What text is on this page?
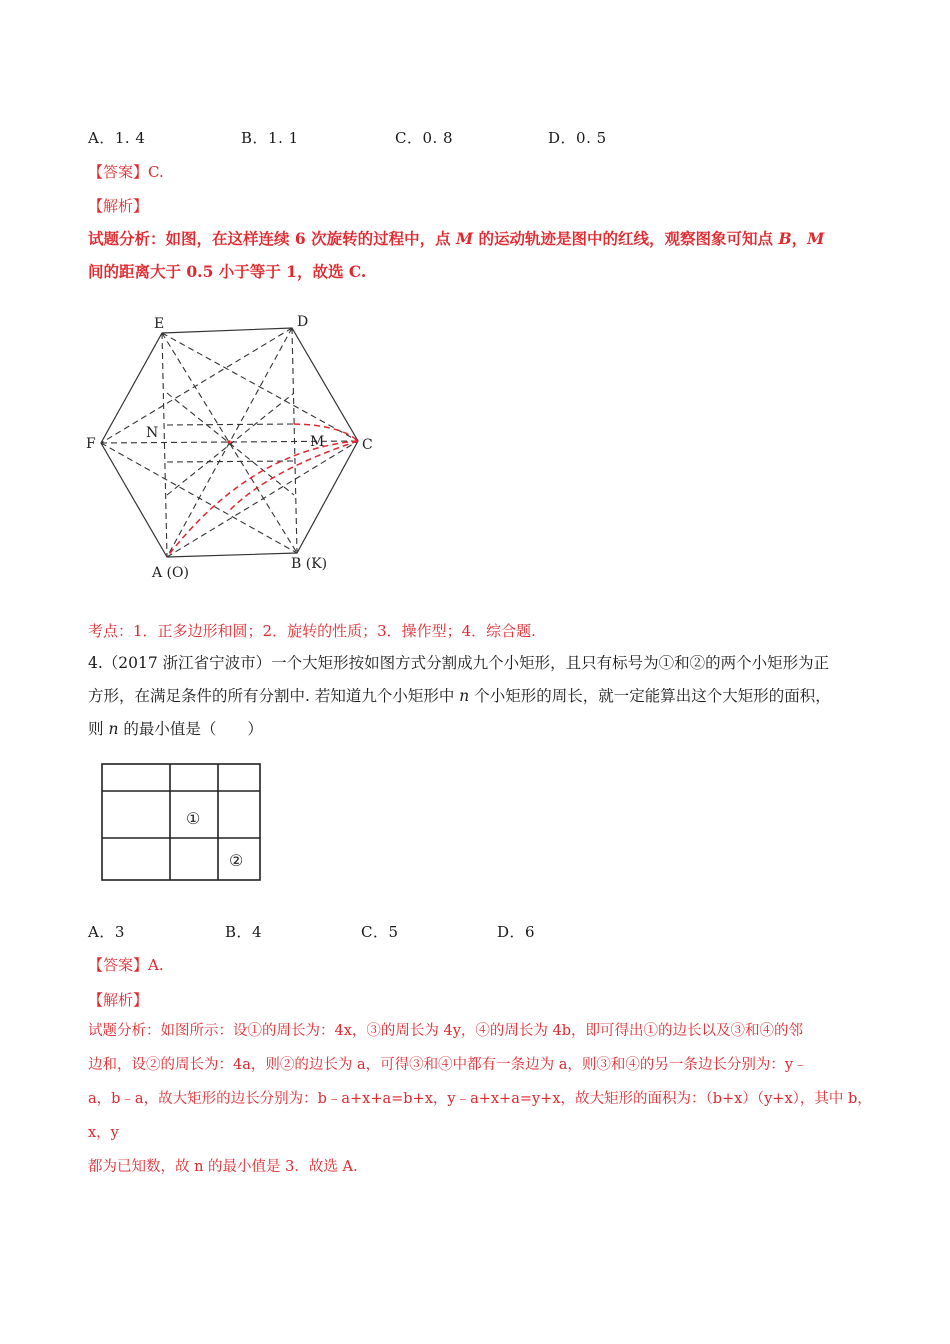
A．1. 4	B．1. 1	C．0. 8	D．0. 5
【答案】C.
【解析】
试题分析：如图，在这样连续 6 次旋转的过程中，点 M 的运动轨迹是图中的红线，观察图象可知点 B，M
间的距离大于 0.5 小于等于 1，故选 C.
E	D
F	C
N
M
A (O)
B (K)
考点：1．正多边形和圆；2．旋转的性质；3．操作型；4．综合题.
4.（2017 浙江省宁波市）一个大矩形按如图方式分割成九个小矩形，且只有标号为①和②的两个小矩形为正
方形，在满足条件的所有分割中. 若知道九个小矩形中 n 个小矩形的周长，就一定能算出这个大矩形的面积，
则 n 的最小值是（　　）
①
②
A．3	B．4	C．5	D．6
【答案】A.
【解析】
试题分析：如图所示：设①的周长为：4x，③的周长为 4y，④的周长为 4b，即可得出①的边长以及③和④的邻
边和，设②的周长为：4a，则②的边长为 a，可得③和④中都有一条边为 a，则③和④的另一条边长分别为：y﹣
a，b﹣a，故大矩形的边长分别为：b﹣a+x+a=b+x，y﹣a+x+a=y+x，故大矩形的面积为：（b+x）（y+x），其中 b，x，y
都为已知数，故 n 的最小值是 3．故选 A.
